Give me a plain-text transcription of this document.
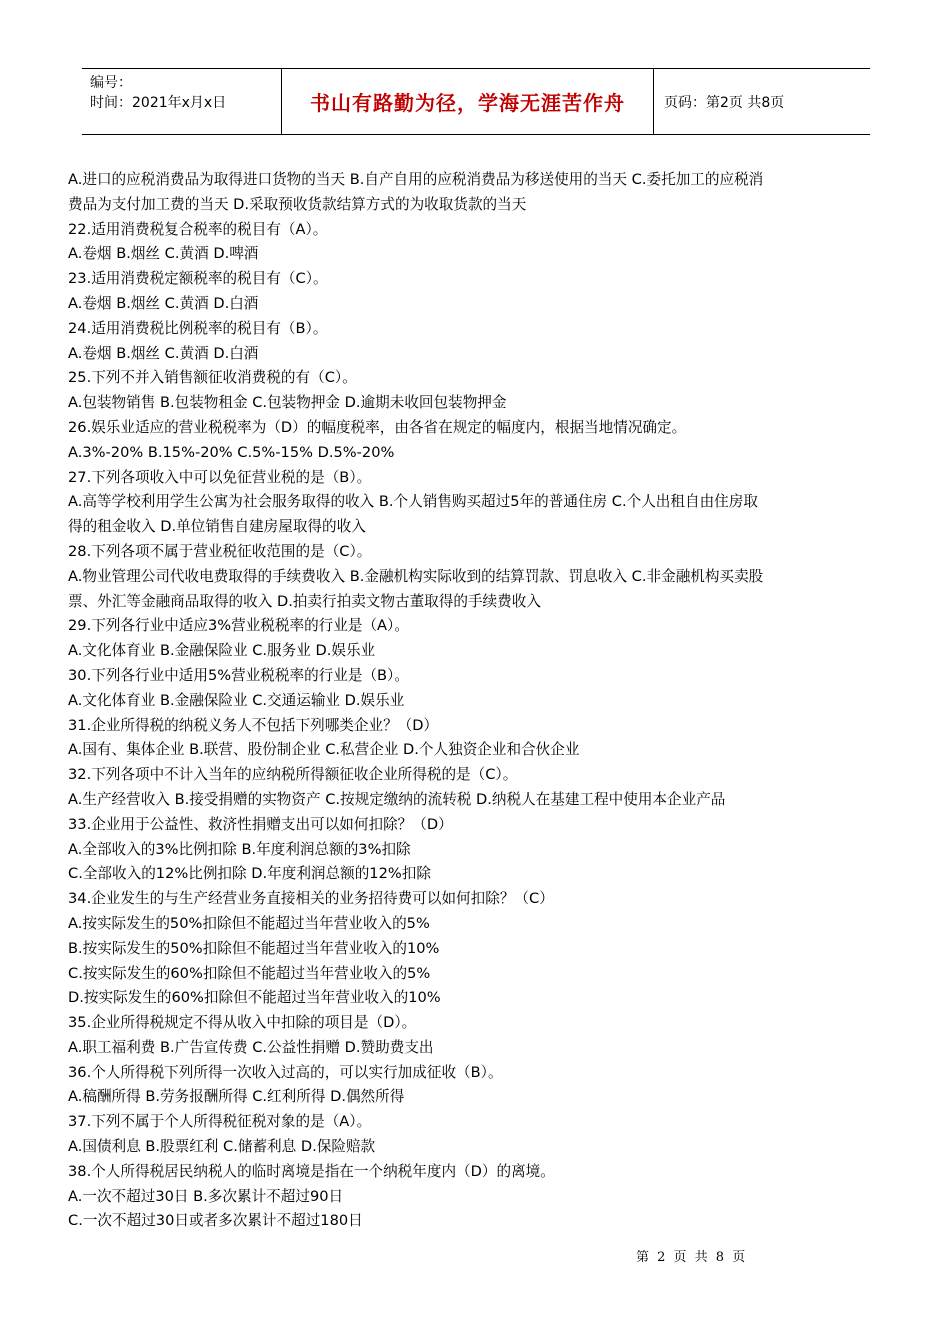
编号：
时间：2021年x月x日	书山有路勤为径，学海无涯苦作舟	页码：第2页 共8页
A.进口的应税消费品为取得进口货物的当天 B.自产自用的应税消费品为移送使用的当天 C.委托加工的应税消
费品为支付加工费的当天 D.采取预收货款结算方式的为收取货款的当天
22.适用消费税复合税率的税目有（A）。
A.卷烟 B.烟丝 C.黄酒 D.啤酒
23.适用消费税定额税率的税目有（C）。
A.卷烟 B.烟丝 C.黄酒 D.白酒
24.适用消费税比例税率的税目有（B）。
A.卷烟 B.烟丝 C.黄酒 D.白酒
25.下列不并入销售额征收消费税的有（C）。
A.包装物销售 B.包装物租金 C.包装物押金 D.逾期未收回包装物押金
26.娱乐业适应的营业税税率为（D）的幅度税率，由各省在规定的幅度内，根据当地情况确定。
A.3%-20% B.15%-20% C.5%-15% D.5%-20%
27.下列各项收入中可以免征营业税的是（B）。
A.高等学校利用学生公寓为社会服务取得的收入 B.个人销售购买超过5年的普通住房 C.个人出租自由住房取
得的租金收入 D.单位销售自建房屋取得的收入
28.下列各项不属于营业税征收范围的是（C）。
A.物业管理公司代收电费取得的手续费收入 B.金融机构实际收到的结算罚款、罚息收入 C.非金融机构买卖股
票、外汇等金融商品取得的收入 D.拍卖行拍卖文物古董取得的手续费收入
29.下列各行业中适应3%营业税税率的行业是（A）。
A.文化体育业 B.金融保险业 C.服务业 D.娱乐业
30.下列各行业中适用5%营业税税率的行业是（B）。
A.文化体育业 B.金融保险业 C.交通运输业 D.娱乐业
31.企业所得税的纳税义务人不包括下列哪类企业？（D）
A.国有、集体企业 B.联营、股份制企业 C.私营企业 D.个人独资企业和合伙企业
32.下列各项中不计入当年的应纳税所得额征收企业所得税的是（C）。
A.生产经营收入 B.接受捐赠的实物资产 C.按规定缴纳的流转税 D.纳税人在基建工程中使用本企业产品
33.企业用于公益性、救济性捐赠支出可以如何扣除？（D）
A.全部收入的3%比例扣除 B.年度利润总额的3%扣除
C.全部收入的12%比例扣除 D.年度利润总额的12%扣除
34.企业发生的与生产经营业务直接相关的业务招待费可以如何扣除？（C）
A.按实际发生的50%扣除但不能超过当年营业收入的5%
B.按实际发生的50%扣除但不能超过当年营业收入的10%
C.按实际发生的60%扣除但不能超过当年营业收入的5%
D.按实际发生的60%扣除但不能超过当年营业收入的10%
35.企业所得税规定不得从收入中扣除的项目是（D）。
A.职工福利费 B.广告宣传费 C.公益性捐赠 D.赞助费支出
36.个人所得税下列所得一次收入过高的，可以实行加成征收（B）。
A.稿酬所得 B.劳务报酬所得 C.红利所得 D.偶然所得
37.下列不属于个人所得税征税对象的是（A）。
A.国债利息 B.股票红利 C.储蓄利息 D.保险赔款
38.个人所得税居民纳税人的临时离境是指在一个纳税年度内（D）的离境。
A.一次不超过30日 B.多次累计不超过90日
C.一次不超过30日或者多次累计不超过180日
第 2 页 共 8 页
